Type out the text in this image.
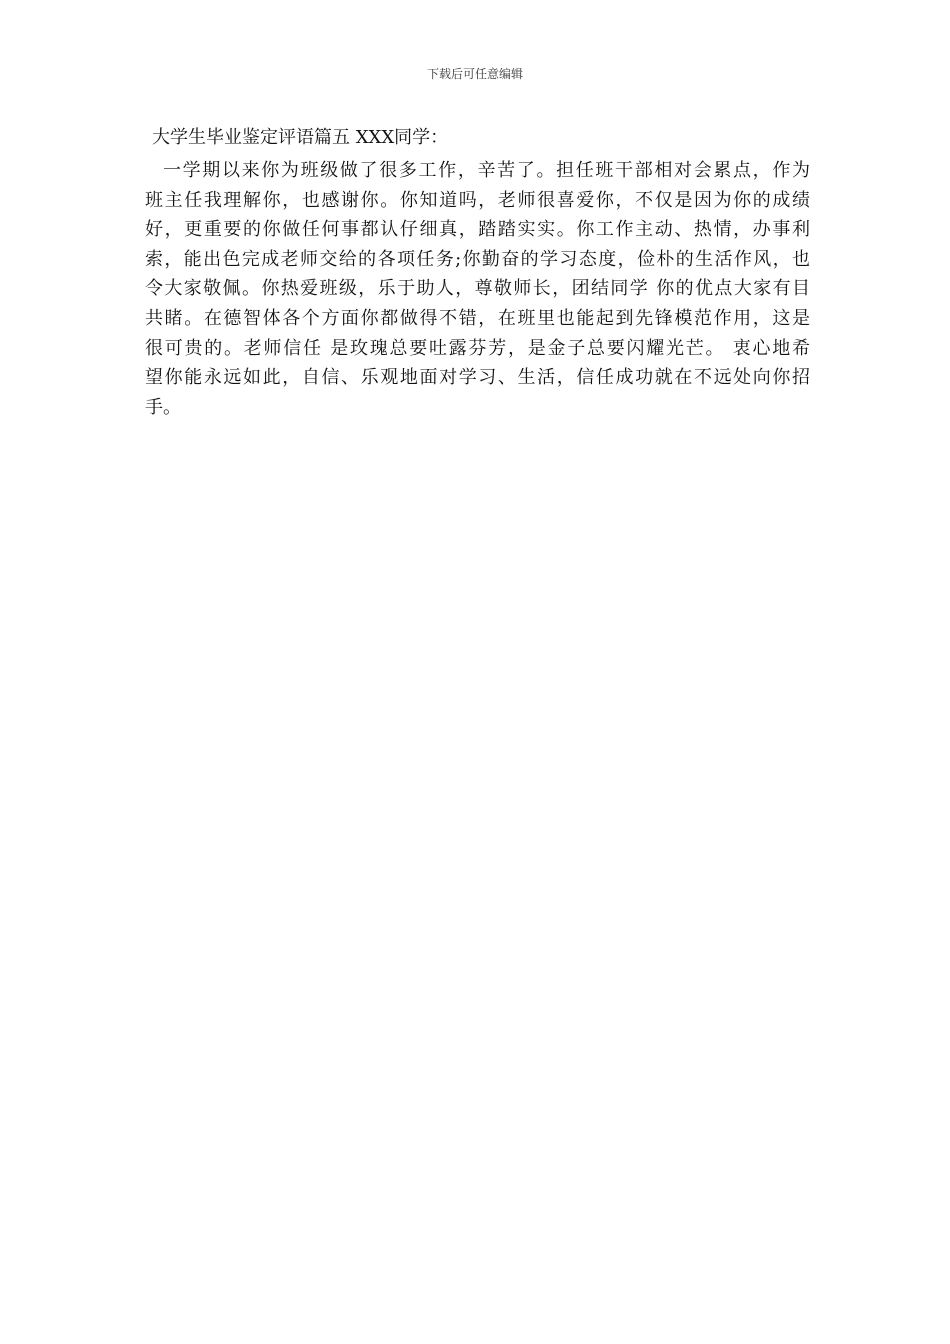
下载后可任意编辑
大学生毕业鉴定评语篇五 XXX同学：
一学期以来你为班级做了很多工作，辛苦了。担任班干部相对会累点，作为
班主任我理解你，也感谢你。你知道吗，老师很喜爱你，不仅是因为你的成绩
好，更重要的你做任何事都认仔细真，踏踏实实。你工作主动、热情，办事利
索，能出色完成老师交给的各项任务;你勤奋的学习态度，俭朴的生活作风，也
令大家敬佩。你热爱班级，乐于助人，尊敬师长，团结同学 你的优点大家有目
共睹。在德智体各个方面你都做得不错，在班里也能起到先锋模范作用，这是
很可贵的。老师信任 是玫瑰总要吐露芬芳，是金子总要闪耀光芒。 衷心地希
望你能永远如此，自信、乐观地面对学习、生活，信任成功就在不远处向你招
手。
